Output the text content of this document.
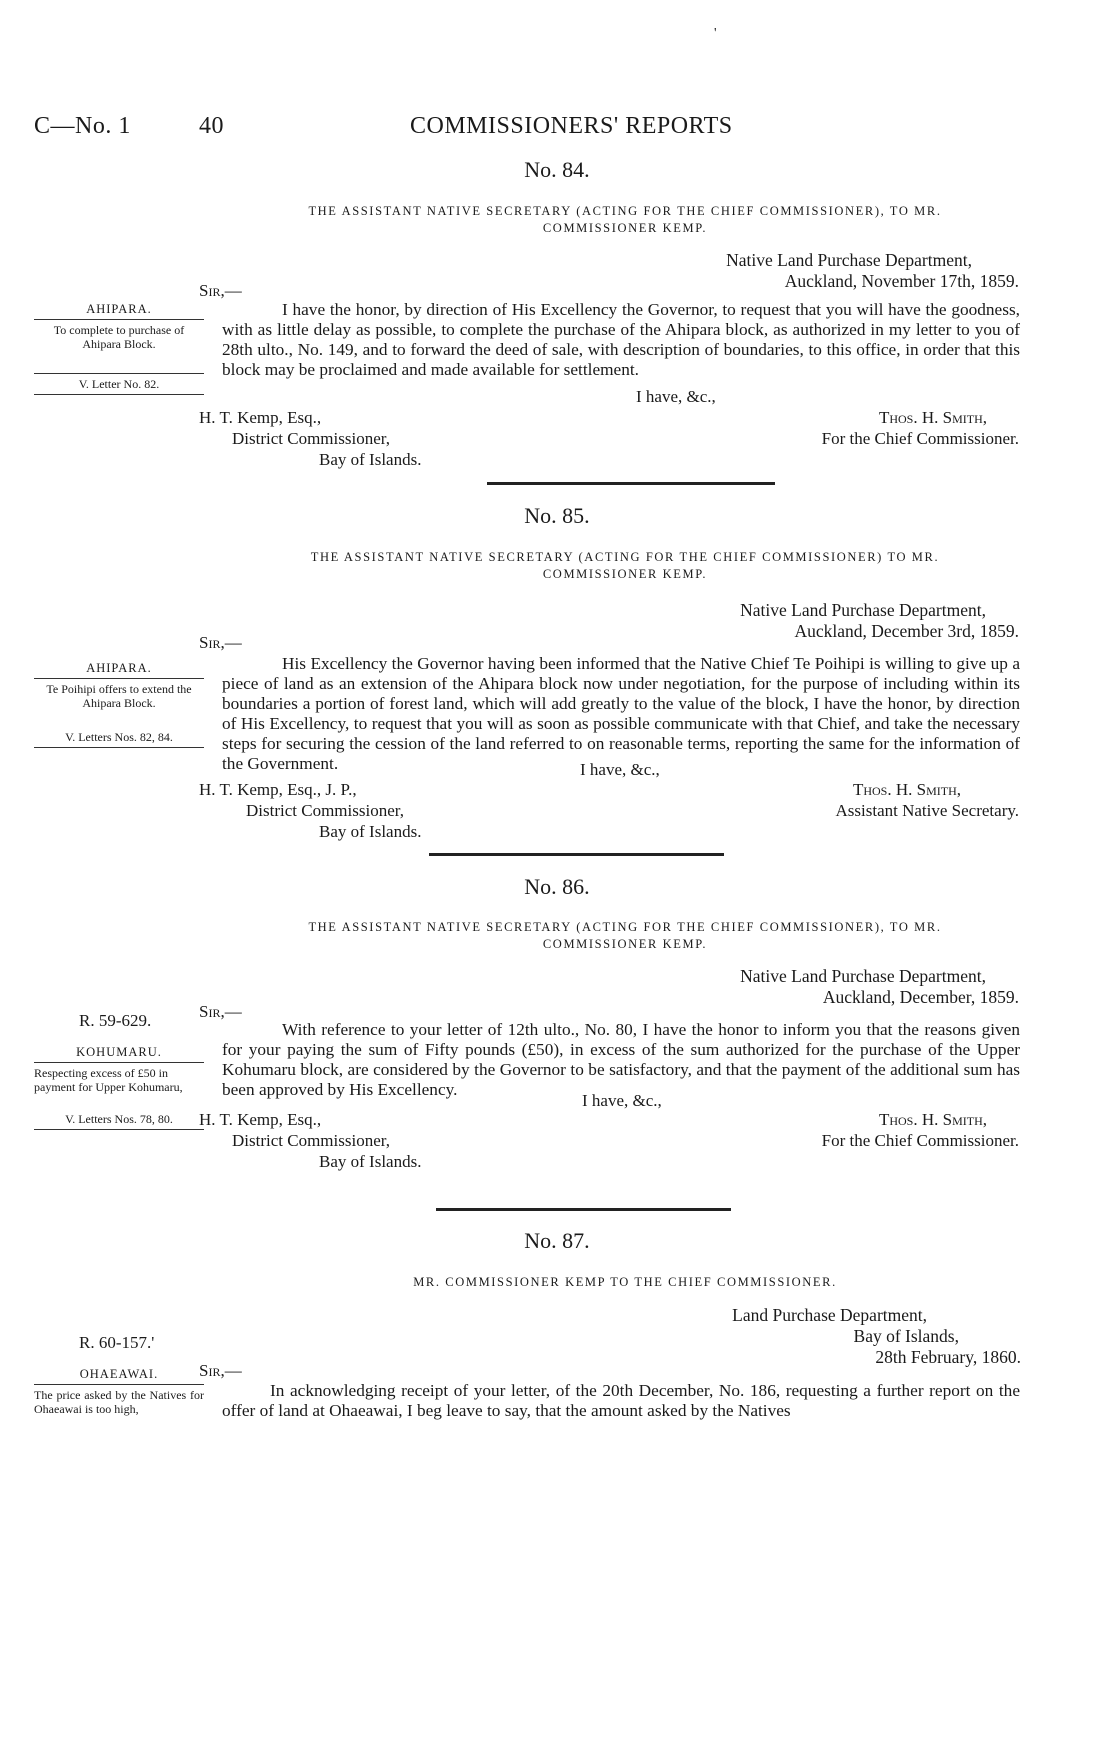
C—No. 1	40	COMMISSIONERS' REPORTS
'
No. 84.
THE ASSISTANT NATIVE SECRETARY (ACTING FOR THE CHIEF COMMISSIONER), TO MR.
COMMISSIONER KEMP.
Native Land Purchase Department,
Auckland, November 17th, 1859.
Sir,—

I have the honor, by direction of His Excellency the Governor, to request that you will have the goodness, with as little delay as possible, to complete the purchase of the Ahipara block, as authorized in my letter to you of 28th ulto., No. 149, and to forward the deed of sale, with description of boundaries, to this office, in order that this block may be proclaimed and made available for settlement.

I have, &c.,
H. T. Kemp, Esq.,
District Commissioner,
Bay of Islands.
Thos. H. Smith,
For the Chief Commissioner.
AHIPARA.
To complete to purchase of Ahipara Block.
V. Letter No. 82.
No. 85.
THE ASSISTANT NATIVE SECRETARY (ACTING FOR THE CHIEF COMMISSIONER) TO MR.
COMMISSIONER KEMP.
Native Land Purchase Department,
Auckland, December 3rd, 1859.
Sir,—

His Excellency the Governor having been informed that the Native Chief Te Poihipi is willing to give up a piece of land as an extension of the Ahipara block now under negotiation, for the purpose of including within its boundaries a portion of forest land, which will add greatly to the value of the block, I have the honor, by direction of His Excellency, to request that you will as soon as possible communicate with that Chief, and take the necessary steps for securing the cession of the land referred to on reasonable terms, reporting the same for the information of the Government.	I have, &c.,
H. T. Kemp, Esq., J. P.,
District Commissioner,
Bay of Islands.
Thos. H. Smith,
Assistant Native Secretary.
AHIPARA.
Te Poihipi offers to extend the Ahipara Block.
V. Letters Nos. 82, 84.
No. 86.
THE ASSISTANT NATIVE SECRETARY (ACTING FOR THE CHIEF COMMISSIONER), TO MR.
COMMISSIONER KEMP.
Native Land Purchase Department,
Auckland, December, 1859.
Sir,—

With reference to your letter of 12th ulto., No. 80, I have the honor to inform you that the reasons given for your paying the sum of Fifty pounds (£50), in excess of the sum authorized for the purchase of the Upper Kohumaru block, are considered by the Governor to be satisfactory, and that the payment of the additional sum has been approved by His Excellency.

I have, &c.,
H. T. Kemp, Esq.,
District Commissioner,
Bay of Islands.
Thos. H. Smith,
For the Chief Commissioner.
R. 59-629.
KOHUMARU.
Respecting excess of £50 in payment for Upper Kohumaru,
V. Letters Nos. 78, 80.
No. 87.
MR. COMMISSIONER KEMP TO THE CHIEF COMMISSIONER.
Land Purchase Department,
Bay of Islands,
28th February, 1860.
R. 60-157.'
Sir,—

In acknowledging receipt of your letter, of the 20th December, No. 186, requesting a further report on the offer of land at Ohaeawai, I beg leave to say, that the amount asked by the Natives

OHAEAWAI.
The price asked by the Natives for Ohaeawai is too high,
